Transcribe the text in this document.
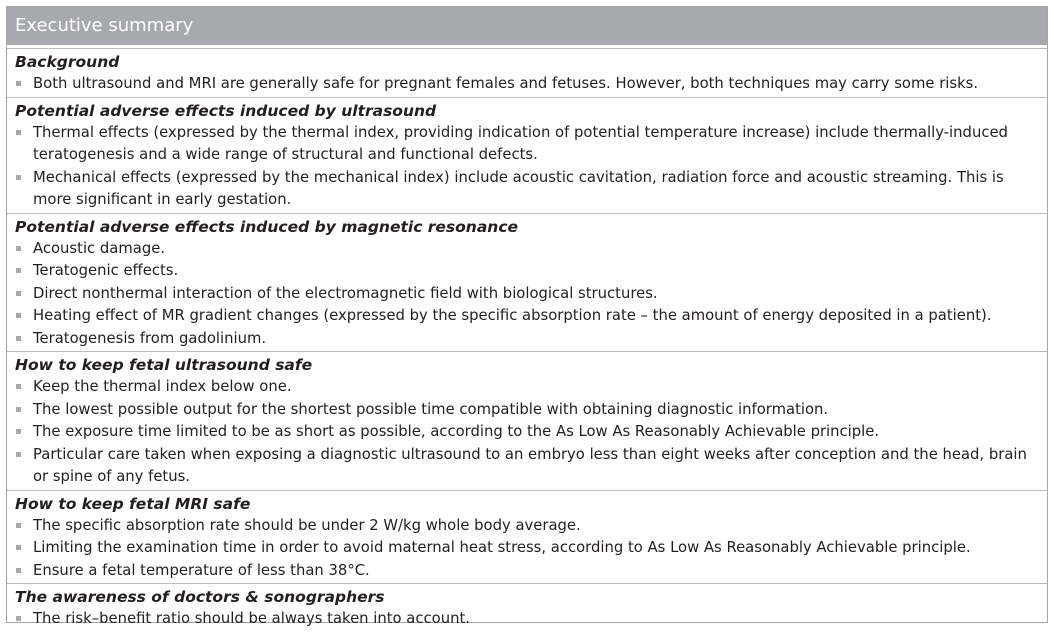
Executive summary
Background
Both ultrasound and MRI are generally safe for pregnant females and fetuses. However, both techniques may carry some risks.
Potential adverse effects induced by ultrasound
Thermal effects (expressed by the thermal index, providing indication of potential temperature increase) include thermally-induced teratogenesis and a wide range of structural and functional defects.
Mechanical effects (expressed by the mechanical index) include acoustic cavitation, radiation force and acoustic streaming. This is more significant in early gestation.
Potential adverse effects induced by magnetic resonance
Acoustic damage.
Teratogenic effects.
Direct nonthermal interaction of the electromagnetic field with biological structures.
Heating effect of MR gradient changes (expressed by the specific absorption rate – the amount of energy deposited in a patient).
Teratogenesis from gadolinium.
How to keep fetal ultrasound safe
Keep the thermal index below one.
The lowest possible output for the shortest possible time compatible with obtaining diagnostic information.
The exposure time limited to be as short as possible, according to the As Low As Reasonably Achievable principle.
Particular care taken when exposing a diagnostic ultrasound to an embryo less than eight weeks after conception and the head, brain or spine of any fetus.
How to keep fetal MRI safe
The specific absorption rate should be under 2 W/kg whole body average.
Limiting the examination time in order to avoid maternal heat stress, according to As Low As Reasonably Achievable principle.
Ensure a fetal temperature of less than 38°C.
The awareness of doctors & sonographers
The risk–benefit ratio should be always taken into account.
